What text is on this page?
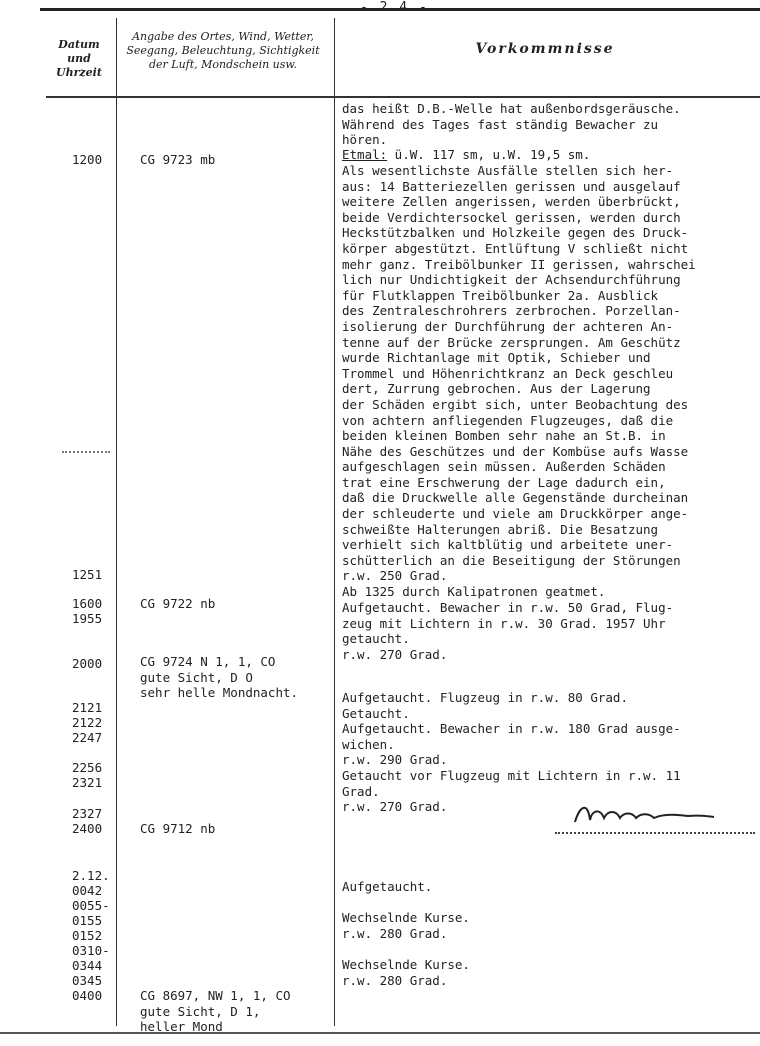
- 2 4 -
Datum und Uhrzeit
Angabe des Ortes, Wind, Wetter, Seegang, Beleuchtung, Sichtigkeit der Luft, Mondschein usw.
Vorkommnisse
1200
1251
1600
1955
2000
2121
2122
2247
2256
2321
2327
2400
2.12.
0042
0055-
0155
0152
0310-
0344
0345
0400
CG 9723 mb
CG 9722 nb
CG 9724 N 1, 1, CO
gute Sicht, D O
sehr helle Mondnacht.
CG 9712 nb
CG 8697, NW 1, 1, CO
gute Sicht, D 1,
heller Mond
das heißt D.B.-Welle hat außenbordsgeräusche.
Während des Tages fast ständig Bewacher zu
hören.
Etmal: ü.W. 117 sm, u.W. 19,5 sm.
Als wesentlichste Ausfälle stellen sich her-
aus: 14 Batteriezellen gerissen und ausgelauf
weitere Zellen angerissen, werden überbrückt,
beide Verdichtersockel gerissen, werden durch
Heckstützbalken und Holzkeile gegen des Druck-
körper abgestützt. Entlüftung V schließt nicht
mehr ganz. Treibölbunker II gerissen, wahrschei
lich nur Undichtigkeit der Achsendurchführung
für Flutklappen Treibölbunker 2a. Ausblick
des Zentraleschrohrers zerbrochen. Porzellan-
isolierung der Durchführung der achteren An-
tenne auf der Brücke zersprungen. Am Geschütz
wurde Richtanlage mit Optik, Schieber und
Trommel und Höhenrichtkranz an Deck geschleu
dert, Zurrung gebrochen. Aus der Lagerung
der Schäden ergibt sich, unter Beobachtung des
von achtern anfliegenden Flugzeuges, daß die
beiden kleinen Bomben sehr nahe an St.B. in
Nähe des Geschützes und der Kombüse aufs Wasse
aufgeschlagen sein müssen. Außerden Schäden
trat eine Erschwerung der Lage dadurch ein,
daß die Druckwelle alle Gegenstände durcheinan
der schleuderte und viele am Druckkörper ange-
schweißte Halterungen abriß. Die Besatzung
verhielt sich kaltblütig und arbeitete uner-
schütterlich an die Beseitigung der Störungen
r.w. 250 Grad.
Ab 1325 durch Kalipatronen geatmet.
Aufgetaucht. Bewacher in r.w. 50 Grad, Flug-
zeug mit Lichtern in r.w. 30 Grad. 1957 Uhr
getaucht.
r.w. 270 Grad.
Aufgetaucht. Flugzeug in r.w. 80 Grad.
Getaucht.
Aufgetaucht. Bewacher in r.w. 180 Grad ausge-
wichen.
r.w. 290 Grad.
Getaucht vor Flugzeug mit Lichtern in r.w. 11
Grad.
r.w. 270 Grad.
Aufgetaucht.
Wechselnde Kurse.
r.w. 280 Grad.
Wechselnde Kurse.
r.w. 280 Grad.
